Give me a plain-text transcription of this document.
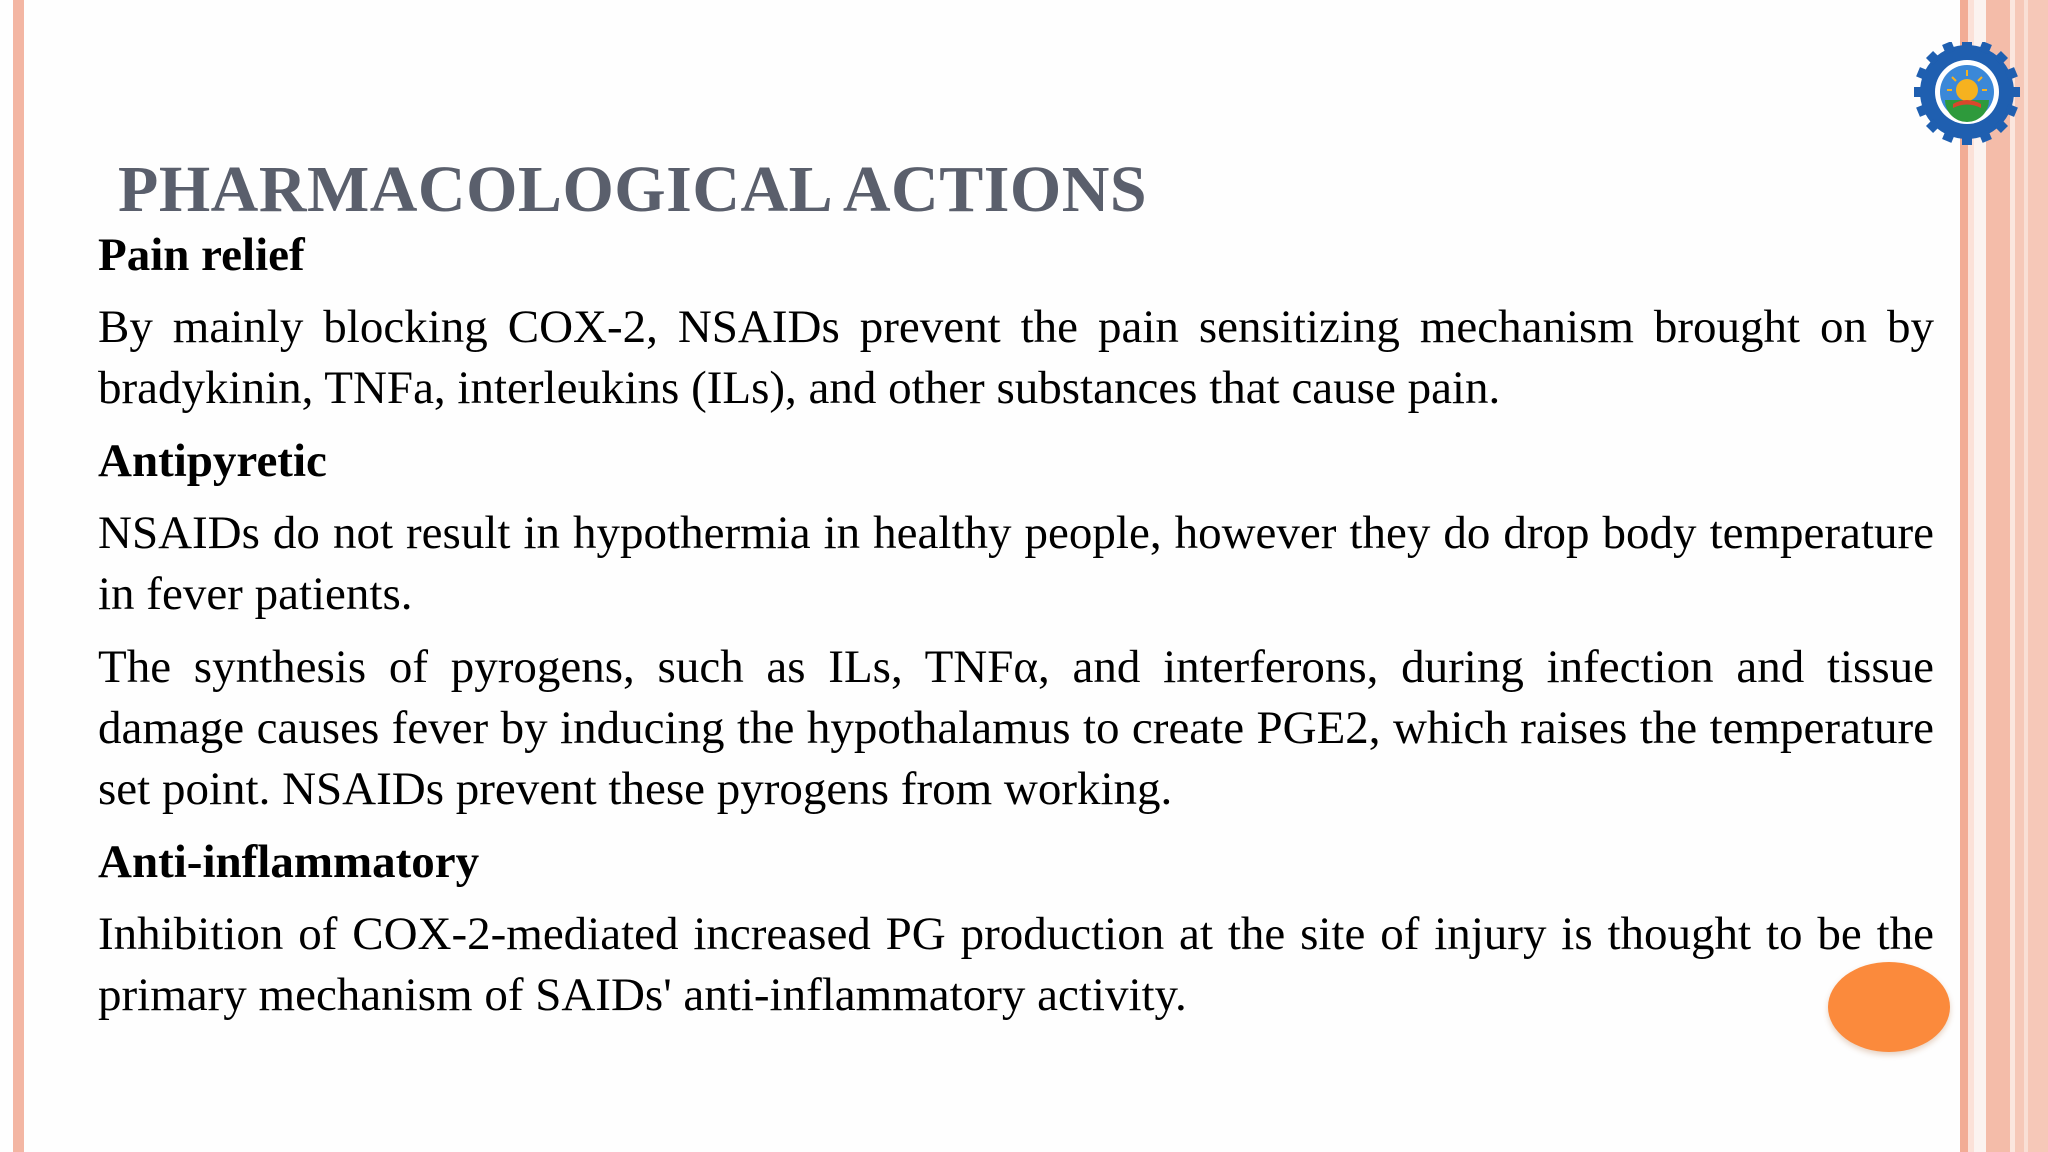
PHARMACOLOGICAL ACTIONS

Pain relief

By mainly blocking COX-2, NSAIDs prevent the pain sensitizing mechanism brought on by bradykinin, TNFa, interleukins (ILs), and other substances that cause pain.

Antipyretic

NSAIDs do not result in hypothermia in healthy people, however they do drop body temperature in fever patients.

The synthesis of pyrogens, such as ILs, TNFα, and interferons, during infection and tissue damage causes fever by inducing the hypothalamus to create PGE2, which raises the temperature set point. NSAIDs prevent these pyrogens from working.

Anti-inflammatory

Inhibition of COX-2-mediated increased PG production at the site of injury is thought to be the primary mechanism of SAIDs' anti-inflammatory activity.
